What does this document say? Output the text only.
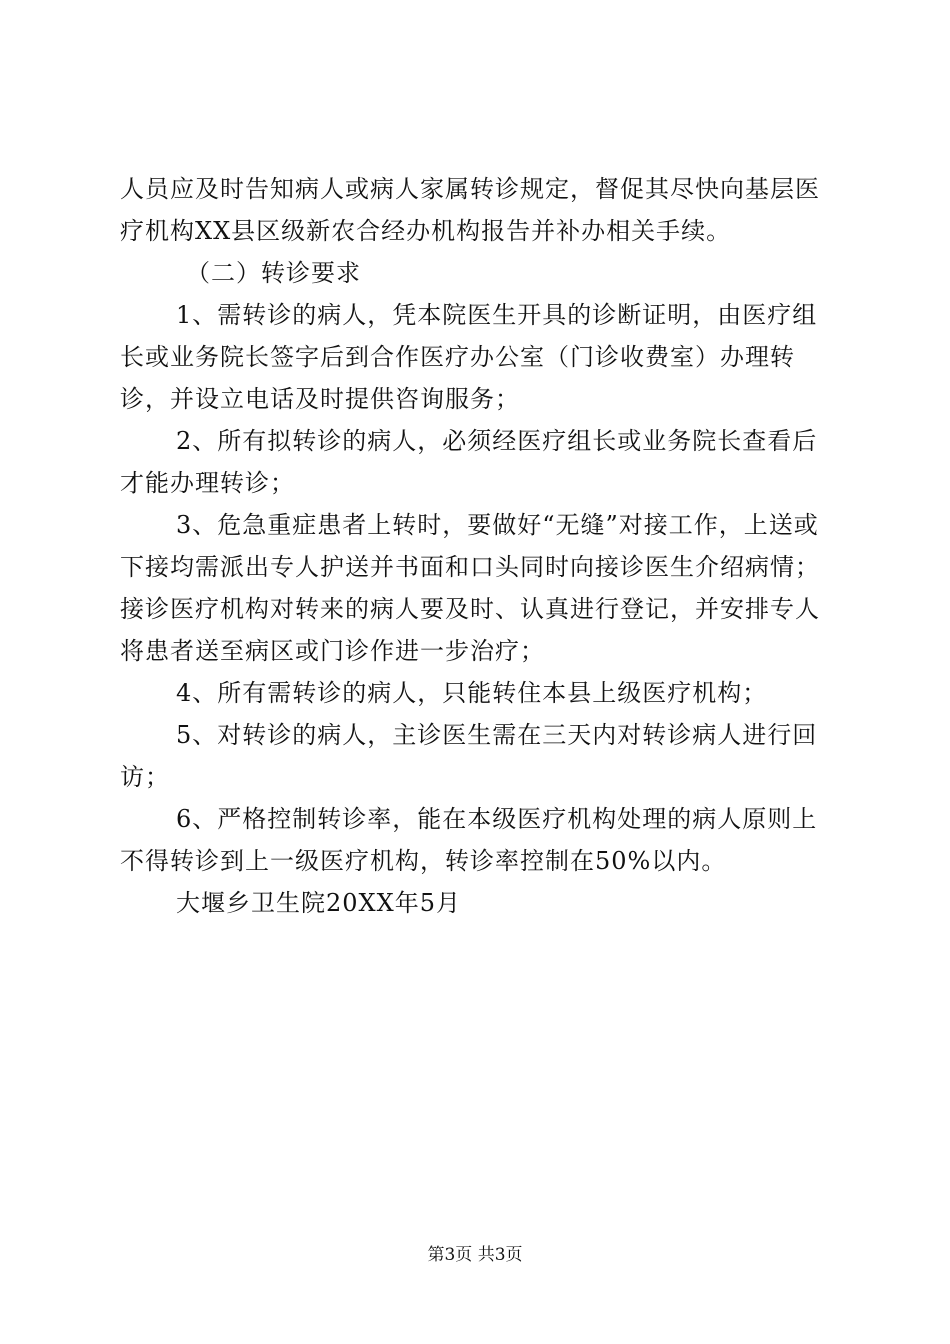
人员应及时告知病人或病人家属转诊规定，督促其尽快向基层医疗机构XX县区级新农合经办机构报告并补办相关手续。

（二）转诊要求

1、需转诊的病人，凭本院医生开具的诊断证明，由医疗组长或业务院长签字后到合作医疗办公室（门诊收费室）办理转诊，并设立电话及时提供咨询服务；

2、所有拟转诊的病人，必须经医疗组长或业务院长查看后才能办理转诊；

3、危急重症患者上转时，要做好“无缝”对接工作，上送或下接均需派出专人护送并书面和口头同时向接诊医生介绍病情；接诊医疗机构对转来的病人要及时、认真进行登记，并安排专人将患者送至病区或门诊作进一步治疗；

4、所有需转诊的病人，只能转住本县上级医疗机构；

5、对转诊的病人，主诊医生需在三天内对转诊病人进行回访；

6、严格控制转诊率，能在本级医疗机构处理的病人原则上不得转诊到上一级医疗机构，转诊率控制在50%以内。

大堰乡卫生院20XX年5月

第3页 共3页
